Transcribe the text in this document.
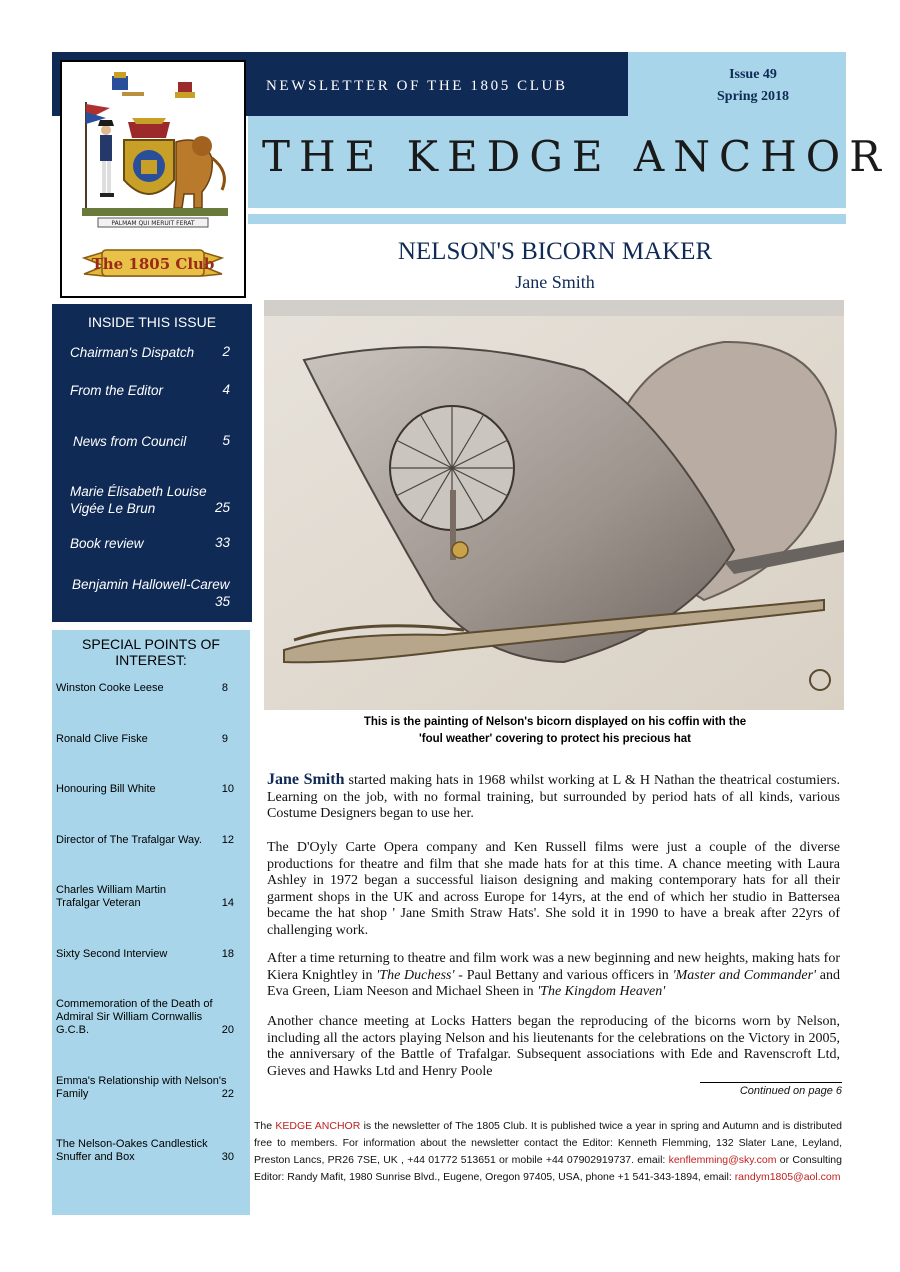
NEWSLETTER OF THE 1805 CLUB
Issue 49
Spring 2018
THE KEDGE ANCHOR
PALMAM QUI MERUIT FERAT
The 1805 Club
INSIDE THIS ISSUE
Chairman's Dispatch	2
From the Editor	4
News from Council	5
Marie Élisabeth Louise Vigée Le Brun	25
Book review	33
Benjamin Hallowell-Carew
35
SPECIAL POINTS OF INTEREST:
Winston Cooke Leese	8
Ronald Clive Fiske	9
Honouring Bill White	10
Director of The Trafalgar Way.	12
Charles William Martin Trafalgar Veteran	14
Sixty Second Interview	18
Commemoration of the Death of Admiral Sir William Cornwallis G.C.B.	20
Emma's Relationship with Nelson's Family	22
The Nelson-Oakes Candlestick Snuffer and Box	30
NELSON'S BICORN MAKER
Jane Smith
This is the painting of Nelson's bicorn displayed on his coffin with the
'foul weather' covering to protect his precious hat
Jane Smith started making hats in 1968 whilst working at L & H Nathan the theatrical costumiers. Learning on the job, with no formal training, but surrounded by period hats of all kinds, various Costume Designers began to use her.
The D'Oyly Carte Opera company and Ken Russell films were just a couple of the diverse productions for theatre and film that she made hats for at this time. A chance meeting with Laura Ashley in 1972 began a successful liaison designing and making contemporary hats for all their garment shops in the UK and across Europe for 14yrs, at the end of which her studio in Battersea became the hat shop ' Jane Smith Straw Hats'. She sold it in 1990 to have a break after 22yrs of challenging work.
After a time returning to theatre and film work was a new beginning and new heights, making hats for Kiera Knightley in 'The Duchess' - Paul Bettany and various officers in 'Master and Commander' and Eva Green, Liam Neeson and Michael Sheen in 'The Kingdom Heaven'
Another chance meeting at Locks Hatters began the reproducing of the bicorns worn by Nelson, including all the actors playing Nelson and his lieutenants for the celebrations on the Victory in 2005, the anniversary of the Battle of Trafalgar. Subsequent associations with Ede and Ravenscroft Ltd, Gieves and Hawks Ltd and Henry Poole
Continued on page 6
The KEDGE ANCHOR is the newsletter of The 1805 Club. It is published twice a year in spring and Autumn and is distributed free to members. For information about the newsletter contact the Editor: Kenneth Flemming, 132 Slater Lane, Leyland, Preston Lancs, PR26 7SE, UK , +44 01772 513651 or mobile +44 07902919737. email: kenflemming@sky.com or Consulting Editor: Randy Mafit, 1980 Sunrise Blvd., Eugene, Oregon 97405, USA, phone +1 541-343-1894, email: randym1805@aol.com
